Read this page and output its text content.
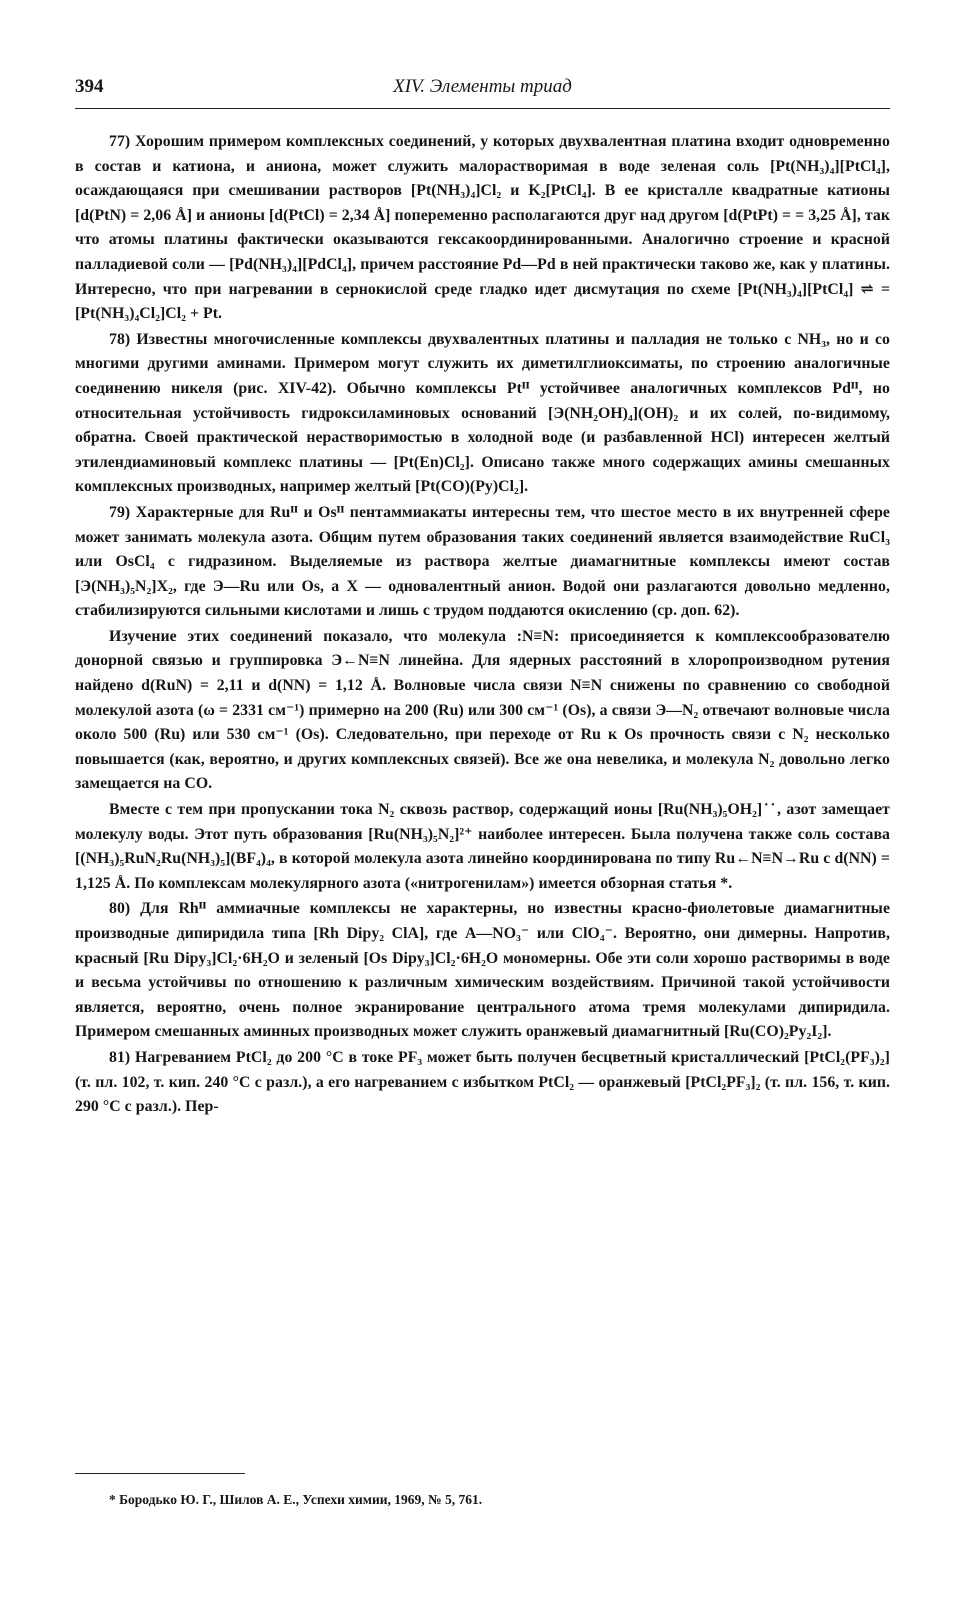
394	XIV. Элементы триад

77) Хорошим примером комплексных соединений, у которых двухвалентная платина входит одновременно в состав и катиона, и аниона, может служить малорастворимая в воде зеленая соль [Pt(NH₃)₄][PtCl₄], осаждающаяся при смешивании растворов [Pt(NH₃)₄]Cl₂ и K₂[PtCl₄]. В ее кристалле квадратные катионы [d(PtN) = 2,06 Å] и анионы [d(PtCl) = 2,34 Å] попеременно располагаются друг над другом [d(PtPt) = = 3,25 Å], так что атомы платины фактически оказываются гексакоординированными. Аналогично строение и красной палладиевой соли — [Pd(NH₃)₄][PdCl₄], причем расстояние Pd—Pd в ней практически таково же, как у платины. Интересно, что при нагревании в сернокислой среде гладко идет дисмутация по схеме [Pt(NH₃)₄][PtCl₄] ⇌ = [Pt(NH₃)₄Cl₂]Cl₂ + Pt.

78) Известны многочисленные комплексы двухвалентных платины и палладия не только с NH₃, но и со многими другими аминами. Примером могут служить их диметилглиоксиматы, по строению аналогичные соединению никеля (рис. XIV-42). Обычно комплексы Ptᴵᴵ устойчивее аналогичных комплексов Pdᴵᴵ, но относительная устойчивость гидроксиламиновых оснований [Э(NH₂OH)₄](OH)₂ и их солей, по-видимому, обратна. Своей практической нерастворимостью в холодной воде (и разбавленной HCl) интересен желтый этилендиаминовый комплекс платины — [Pt(En)Cl₂]. Описано также много содержащих амины смешанных комплексных производных, например желтый [Pt(CO)(Py)Cl₂].

79) Характерные для Ruᴵᴵ и Osᴵᴵ пентаммиакаты интересны тем, что шестое место в их внутренней сфере может занимать молекула азота. Общим путем образования таких соединений является взаимодействие RuCl₃ или OsCl₄ с гидразином. Выделяемые из раствора желтые диамагнитные комплексы имеют состав [Э(NH₃)₅N₂]X₂, где Э—Ru или Os, а X — одновалентный анион. Водой они разлагаются довольно медленно, стабилизируются сильными кислотами и лишь с трудом поддаются окислению (ср. доп. 62).

Изучение этих соединений показало, что молекула :N≡N: присоединяется к комплексообразователю донорной связью и группировка Э←N≡N линейна. Для ядерных расстояний в хлоропроизводном рутения найдено d(RuN) = 2,11 и d(NN) = 1,12 Å. Волновые числа связи N≡N снижены по сравнению со свободной молекулой азота (ω = 2331 см⁻¹) примерно на 200 (Ru) или 300 см⁻¹ (Os), а связи Э—N₂ отвечают волновые числа около 500 (Ru) или 530 см⁻¹ (Os). Следовательно, при переходе от Ru к Os прочность связи с N₂ несколько повышается (как, вероятно, и других комплексных связей). Все же она невелика, и молекула N₂ довольно легко замещается на CO.

Вместе с тем при пропускании тока N₂ сквозь раствор, содержащий ионы [Ru(NH₃)₅OH₂]˙˙, азот замещает молекулу воды. Этот путь образования [Ru(NH₃)₅N₂]²⁺ наиболее интересен. Была получена также соль состава [(NH₃)₅RuN₂Ru(NH₃)₅](BF₄)₄, в которой молекула азота линейно координирована по типу Ru←N≡N→Ru с d(NN) = 1,125 Å. По комплексам молекулярного азота («нитрогенилам») имеется обзорная статья *.

80) Для Rhᴵᴵ аммиачные комплексы не характерны, но известны красно-фиолетовые диамагнитные производные дипиридила типа [Rh Dipy₂ ClA], где A—NO₃⁻ или ClO₄⁻. Вероятно, они димерны. Напротив, красный [Ru Dipy₃]Cl₂·6H₂O и зеленый [Os Dipy₃]Cl₂·6H₂O мономерны. Обе эти соли хорошо растворимы в воде и весьма устойчивы по отношению к различным химическим воздействиям. Причиной такой устойчивости является, вероятно, очень полное экранирование центрального атома тремя молекулами дипиридила. Примером смешанных аминных производных может служить оранжевый диамагнитный [Ru(CO)₂Py₂I₂].

81) Нагреванием PtCl₂ до 200 °C в токе PF₃ может быть получен бесцветный кристаллический [PtCl₂(PF₃)₂] (т. пл. 102, т. кип. 240 °C с разл.), а его нагреванием с избытком PtCl₂ — оранжевый [PtCl₂PF₃]₂ (т. пл. 156, т. кип. 290 °C с разл.). Пер-

* Бородько Ю. Г., Шилов А. Е., Успехи химии, 1969, № 5, 761.
